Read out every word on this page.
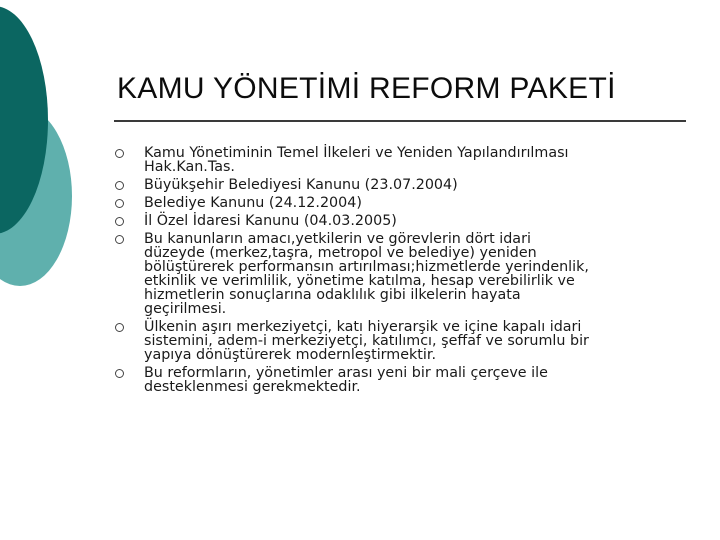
KAMU YÖNETİMİ REFORM PAKETİ
Kamu Yönetiminin Temel İlkeleri ve Yeniden Yapılandırılması
Hak.Kan.Tas.
Büyükşehir Belediyesi Kanunu (23.07.2004)
Belediye Kanunu (24.12.2004)
İl Özel İdaresi Kanunu (04.03.2005)
Bu kanunların amacı,yetkilerin ve görevlerin dört idari
düzeyde (merkez,taşra, metropol ve belediye) yeniden
bölüştürerek performansın artırılması;hizmetlerde yerindenlik,
etkinlik ve verimlilik, yönetime katılma, hesap verebilirlik ve
hizmetlerin sonuçlarına odaklılık gibi ilkelerin hayata
geçirilmesi.
Ülkenin aşırı merkeziyetçi, katı hiyerarşik ve içine kapalı idari
sistemini, adem-i merkeziyetçi, katılımcı, şeffaf ve sorumlu bir
yapıya dönüştürerek modernleştirmektir.
Bu reformların, yönetimler arası yeni bir mali çerçeve ile
desteklenmesi gerekmektedir.
